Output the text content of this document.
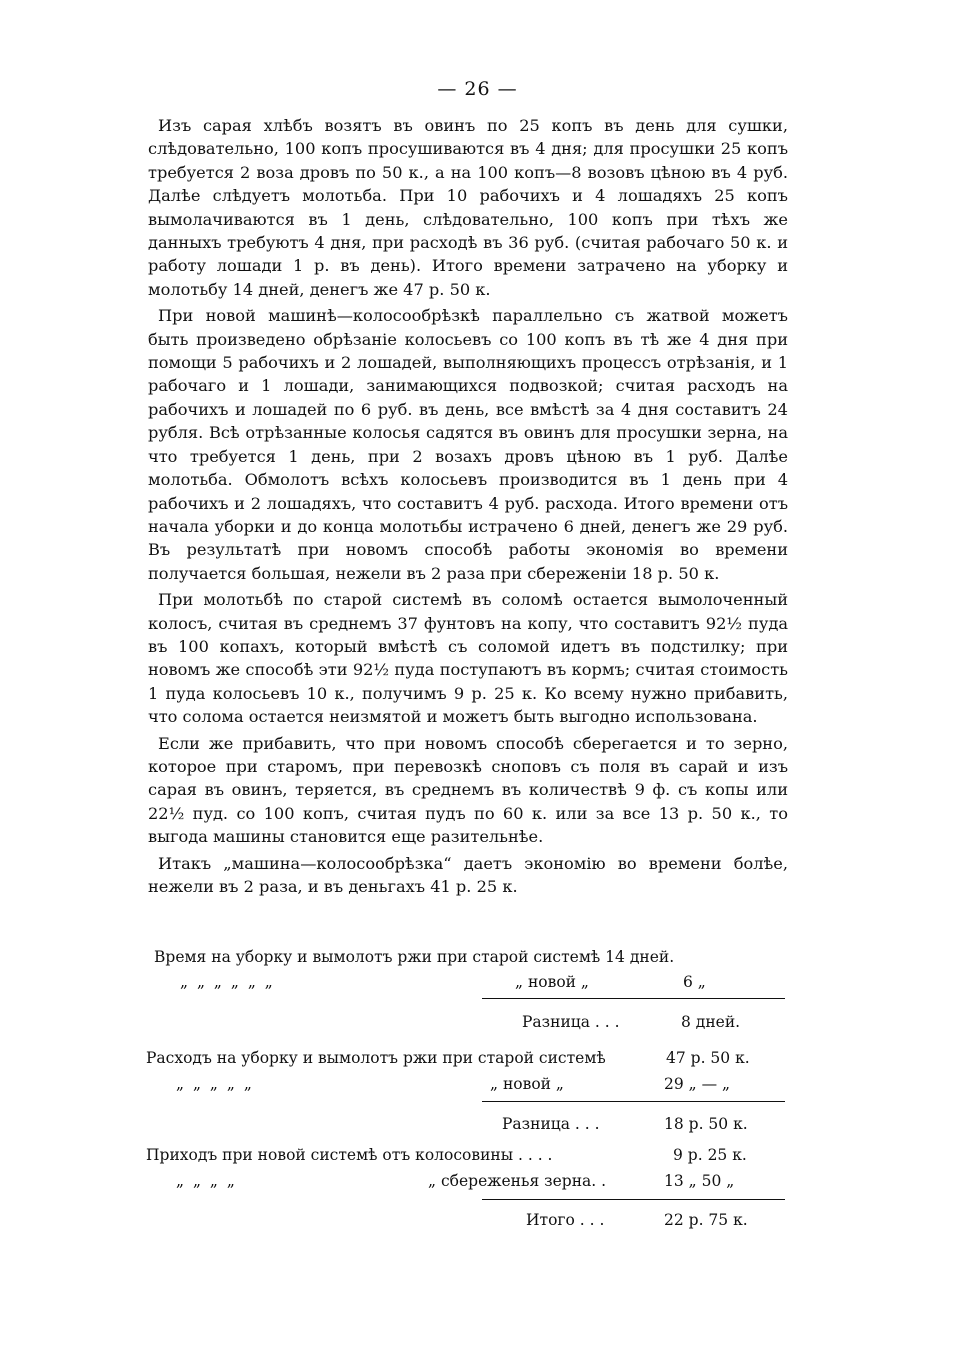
— 26 —

Изъ сарая хлѣбъ возятъ въ овинъ по 25 копъ въ день для сушки, слѣдовательно, 100 копъ просушиваются въ 4 дня; для просушки 25 копъ требуется 2 воза дровъ по 50 к., а на 100 копъ—8 возовъ цѣною въ 4 руб. Далѣе слѣдуетъ молотьба. При 10 рабочихъ и 4 лошадяхъ 25 копъ вымолачиваются въ 1 день, слѣдовательно, 100 копъ при тѣхъ же данныхъ требуютъ 4 дня, при расходѣ въ 36 руб. (считая рабочаго 50 к. и работу лошади 1 р. въ день). Итого времени затрачено на уборку и молотьбу 14 дней, денегъ же 47 р. 50 к.

При новой машинѣ—колосообрѣзкѣ параллельно съ жатвой можетъ быть произведено обрѣзаніе колосьевъ со 100 копъ въ тѣ же 4 дня при помощи 5 рабочихъ и 2 лошадей, выполняющихъ процессъ отрѣзанія, и 1 рабочаго и 1 лошади, занимающихся подвозкой; считая расходъ на рабочихъ и лошадей по 6 руб. въ день, все вмѣстѣ за 4 дня составитъ 24 рубля. Всѣ отрѣзанные колосья садятся въ овинъ для просушки зерна, на что требуется 1 день, при 2 возахъ дровъ цѣною въ 1 руб. Далѣе молотьба. Обмолотъ всѣхъ колосьевъ производится въ 1 день при 4 рабочихъ и 2 лошадяхъ, что составитъ 4 руб. расхода. Итого времени отъ начала уборки и до конца молотьбы истрачено 6 дней, денегъ же 29 руб. Въ результатѣ при новомъ способѣ работы экономія во времени получается большая, нежели въ 2 раза при сбереженіи 18 р. 50 к.

При молотьбѣ по старой системѣ въ соломѣ остается вымолоченный колосъ, считая въ среднемъ 37 фунтовъ на копу, что составитъ 92½ пуда въ 100 копахъ, который вмѣстѣ съ соломой идетъ въ подстилку; при новомъ же способѣ эти 92½ пуда поступаютъ въ кормъ; считая стоимость 1 пуда колосьевъ 10 к., получимъ 9 р. 25 к. Ко всему нужно прибавить, что солома остается неизмятой и можетъ быть выгодно использована.

Если же прибавить, что при новомъ способѣ сберегается и то зерно, которое при старомъ, при перевозкѣ сноповъ съ поля въ сарай и изъ сарая въ овинъ, теряется, въ среднемъ въ количествѣ 9 ф. съ копы или 22½ пуд. со 100 копъ, считая пудъ по 60 к. или за все 13 р. 50 к., то выгода машины становится еще разительнѣе.

Итакъ „машина—колосообрѣзка“ даетъ экономію во времени болѣе, нежели въ 2 раза, и въ деньгахъ 41 р. 25 к.

Время на уборку и вымолотъ ржи при старой системѣ 14 дней.
„ „ „ „ „ „	„ новой „	6 „
Разница . . .	8 дней.
Расходъ на уборку и вымолотъ ржи при старой системѣ	47 р. 50 к.
„ „ „ „ „	„ новой „	29 „ — „
Разница . . .	18 р. 50 к.
Приходъ при новой системѣ отъ колосовины . . . .	9 р. 25 к.
„ „ „ „	„ сбереженья зерна. .	13 „ 50 „
Итого . . .	22 р. 75 к.
